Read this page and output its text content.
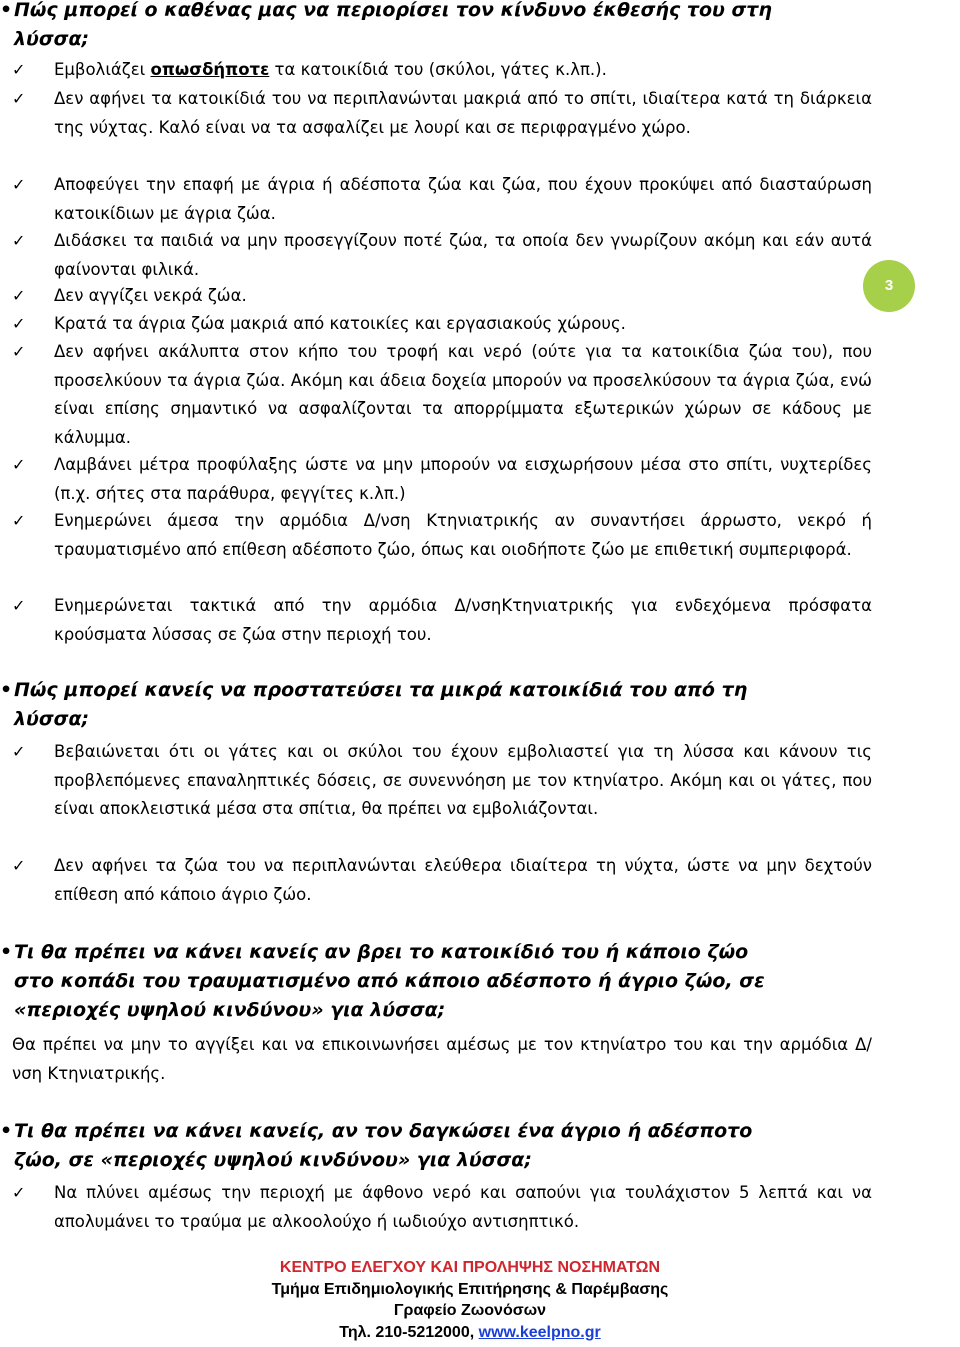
•Πώς μπορεί ο καθένας μας να περιορίσει τον κίνδυνο έκθεσής του στη
λύσσα;
✓	Εμβολιάζει οπωσδήποτε τα κατοικίδιά του (σκύλοι, γάτες κ.λπ.).
✓	Δεν αφήνει τα κατοικίδιά του να περιπλανώνται μακριά από το σπίτι, ιδιαίτερα κατά τη διάρκεια της νύχτας. Καλό είναι να τα ασφαλίζει με λουρί και σε περιφραγμένο χώρο.
✓	Αποφεύγει την επαφή με άγρια ή αδέσποτα ζώα και ζώα, που έχουν προκύψει από διασταύρωση κατοικίδιων με άγρια ζώα.
✓	Διδάσκει τα παιδιά να μην προσεγγίζουν ποτέ ζώα, τα οποία δεν γνωρίζουν ακόμη και εάν αυτά φαίνονται φιλικά.
✓	Δεν αγγίζει νεκρά ζώα.
✓	Κρατά τα άγρια ζώα μακριά από κατοικίες και εργασιακούς χώρους.
✓	Δεν αφήνει ακάλυπτα στον κήπο του τροφή και νερό (ούτε για τα κατοικίδια ζώα του), που προσελκύουν τα άγρια ζώα. Ακόμη και άδεια δοχεία μπορούν να προσελκύσουν τα άγρια ζώα, ενώ είναι επίσης σημαντικό να ασφαλίζονται τα απορρίμματα εξωτερικών χώρων σε κάδους με κάλυμμα.
✓	Λαμβάνει μέτρα προφύλαξης ώστε να μην μπορούν να εισχωρήσουν μέσα στο σπίτι, νυχτερίδες (π.χ. σήτες στα παράθυρα, φεγγίτες κ.λπ.)
✓	Ενημερώνει άμεσα την αρμόδια Δ/νση Κτηνιατρικής αν συναντήσει άρρωστο, νεκρό ή τραυματισμένο από επίθεση αδέσποτο ζώο, όπως και οιοδήποτε ζώο με επιθετική συμπεριφορά.
✓	Ενημερώνεται τακτικά από την αρμόδια Δ/νσηΚτηνιατρικής για ενδεχόμενα πρόσφατα κρούσματα λύσσας σε ζώα στην περιοχή του.
3
•Πώς μπορεί κανείς να προστατεύσει τα μικρά κατοικίδιά του από τη
λύσσα;
✓	Βεβαιώνεται ότι οι γάτες και οι σκύλοι του έχουν εμβολιαστεί για τη λύσσα και κάνουν τις προβλεπόμενες επαναληπτικές δόσεις, σε συνεννόηση με τον κτηνίατρο. Ακόμη και οι γάτες, που είναι αποκλειστικά μέσα στα σπίτια, θα πρέπει να εμβολιάζονται.
✓	Δεν αφήνει τα ζώα του να περιπλανώνται ελεύθερα ιδιαίτερα τη νύχτα, ώστε να μην δεχτούν επίθεση από κάποιο άγριο ζώο.
•Τι θα πρέπει να κάνει κανείς αν βρει το κατοικίδιό του ή κάποιο ζώο
στο κοπάδι του τραυματισμένο από κάποιο αδέσποτο ή άγριο ζώο, σε
«περιοχές υψηλού κινδύνου» για λύσσα;
Θα πρέπει να μην το αγγίξει και να επικοινωνήσει αμέσως με τον κτηνίατρο του και την αρμόδια Δ/νση Κτηνιατρικής.
•Τι θα πρέπει να κάνει κανείς, αν τον δαγκώσει ένα άγριο ή αδέσποτο
ζώο, σε «περιοχές υψηλού κινδύνου» για λύσσα;
✓	Να πλύνει αμέσως την περιοχή με άφθονο νερό και σαπούνι για τουλάχιστον 5 λεπτά και να απολυμάνει το τραύμα με αλκοολούχο ή ιωδιούχο αντισηπτικό.
ΚΕΝΤΡΟ ΕΛΕΓΧΟΥ ΚΑΙ ΠΡΟΛΗΨΗΣ ΝΟΣΗΜΑΤΩΝ
Τμήμα Επιδημιολογικής Επιτήρησης & Παρέμβασης
Γραφείο Ζωονόσων
Τηλ. 210-5212000, www.keelpno.gr
